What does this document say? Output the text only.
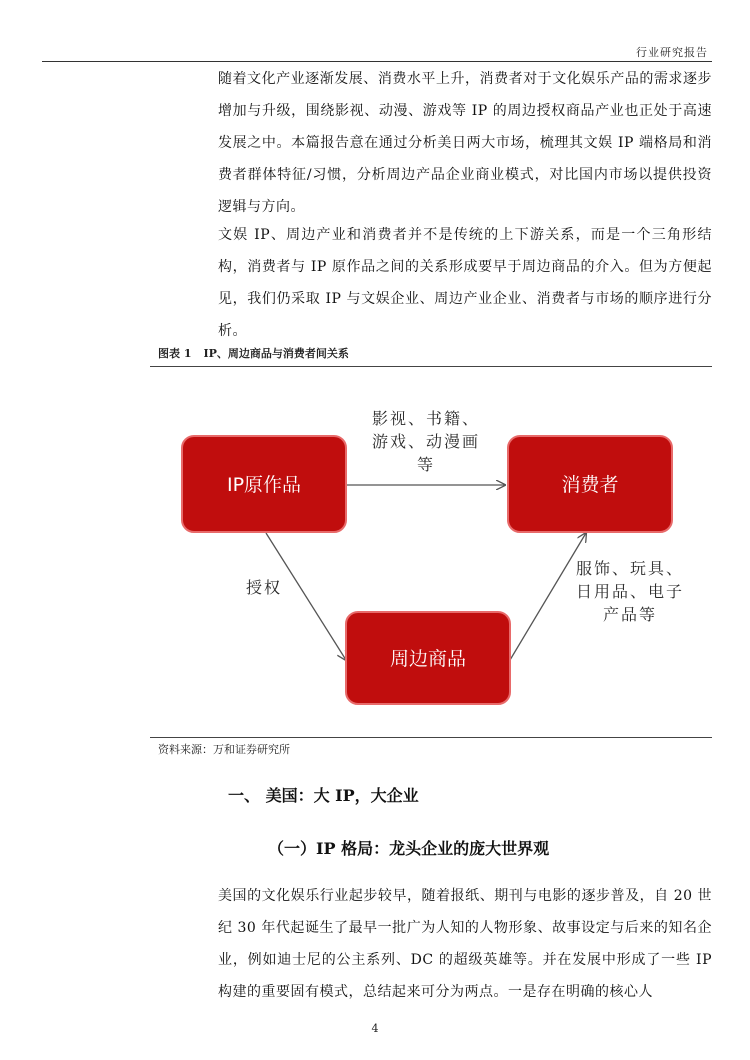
行业研究报告

随着文化产业逐渐发展、消费水平上升，消费者对于文化娱乐产品的需求逐步增加与升级，围绕影视、动漫、游戏等 IP 的周边授权商品产业也正处于高速发展之中。本篇报告意在通过分析美日两大市场，梳理其文娱 IP 端格局和消费者群体特征/习惯，分析周边产品企业商业模式，对比国内市场以提供投资逻辑与方向。

文娱 IP、周边产业和消费者并不是传统的上下游关系，而是一个三角形结构，消费者与 IP 原作品之间的关系形成要早于周边商品的介入。但为方便起见，我们仍采取 IP 与文娱企业、周边产业企业、消费者与市场的顺序进行分析。

图表 1 IP、周边商品与消费者间关系
IP原作品	消费者
周边商品
影视、书籍、
游戏、动漫画
等
授权
服饰、玩具、
日用品、电子
产品等
资料来源：万和证券研究所
一、 美国：大 IP，大企业
（一）IP 格局：龙头企业的庞大世界观

美国的文化娱乐行业起步较早，随着报纸、期刊与电影的逐步普及，自 20 世纪 30 年代起诞生了最早一批广为人知的人物形象、故事设定与后来的知名企业，例如迪士尼的公主系列、DC 的超级英雄等。并在发展中形成了一些 IP 构建的重要固有模式，总结起来可分为两点。一是存在明确的核心人

4
